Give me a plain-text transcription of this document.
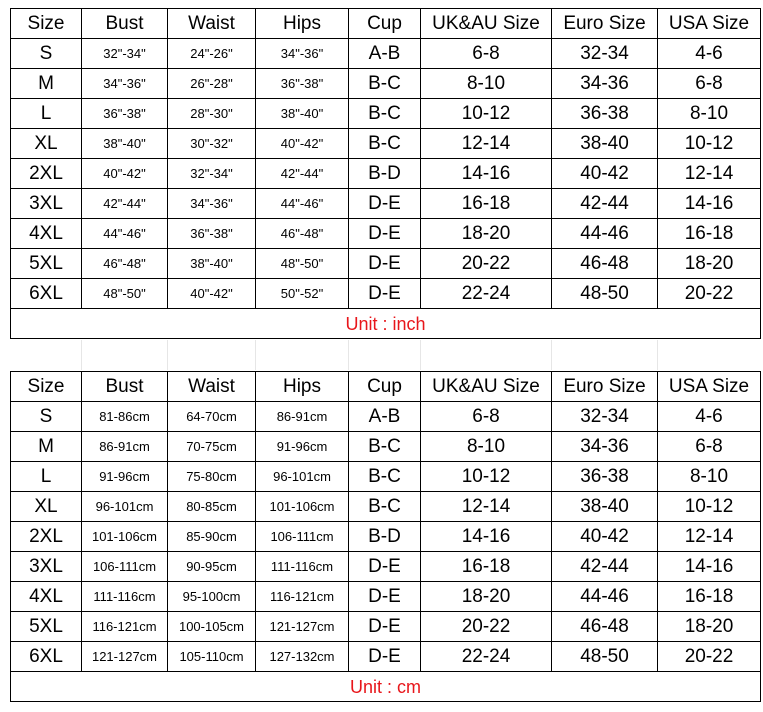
Size	Bust	Waist	Hips	Cup	UK&AU Size	Euro Size	USA Size
S	32"-34"	24"-26"	34"-36"	A-B	6-8	32-34	4-6
M	34"-36"	26"-28"	36"-38"	B-C	8-10	34-36	6-8
L	36"-38"	28"-30"	38"-40"	B-C	10-12	36-38	8-10
XL	38"-40"	30"-32"	40"-42"	B-C	12-14	38-40	10-12
2XL	40"-42"	32"-34"	42"-44"	B-D	14-16	40-42	12-14
3XL	42"-44"	34"-36"	44"-46"	D-E	16-18	42-44	14-16
4XL	44"-46"	36"-38"	46"-48"	D-E	18-20	44-46	16-18
5XL	46"-48"	38"-40"	48"-50"	D-E	20-22	46-48	18-20
6XL	48"-50"	40"-42"	50"-52"	D-E	22-24	48-50	20-22
Unit : inch							
Size	Bust	Waist	Hips	Cup	UK&AU Size	Euro Size	USA Size
S	81-86cm	64-70cm	86-91cm	A-B	6-8	32-34	4-6
M	86-91cm	70-75cm	91-96cm	B-C	8-10	34-36	6-8
L	91-96cm	75-80cm	96-101cm	B-C	10-12	36-38	8-10
XL	96-101cm	80-85cm	101-106cm	B-C	12-14	38-40	10-12
2XL	101-106cm	85-90cm	106-111cm	B-D	14-16	40-42	12-14
3XL	106-111cm	90-95cm	111-116cm	D-E	16-18	42-44	14-16
4XL	111-116cm	95-100cm	116-121cm	D-E	18-20	44-46	16-18
5XL	116-121cm	100-105cm	121-127cm	D-E	20-22	46-48	18-20
6XL	121-127cm	105-110cm	127-132cm	D-E	22-24	48-50	20-22
Unit : cm							
